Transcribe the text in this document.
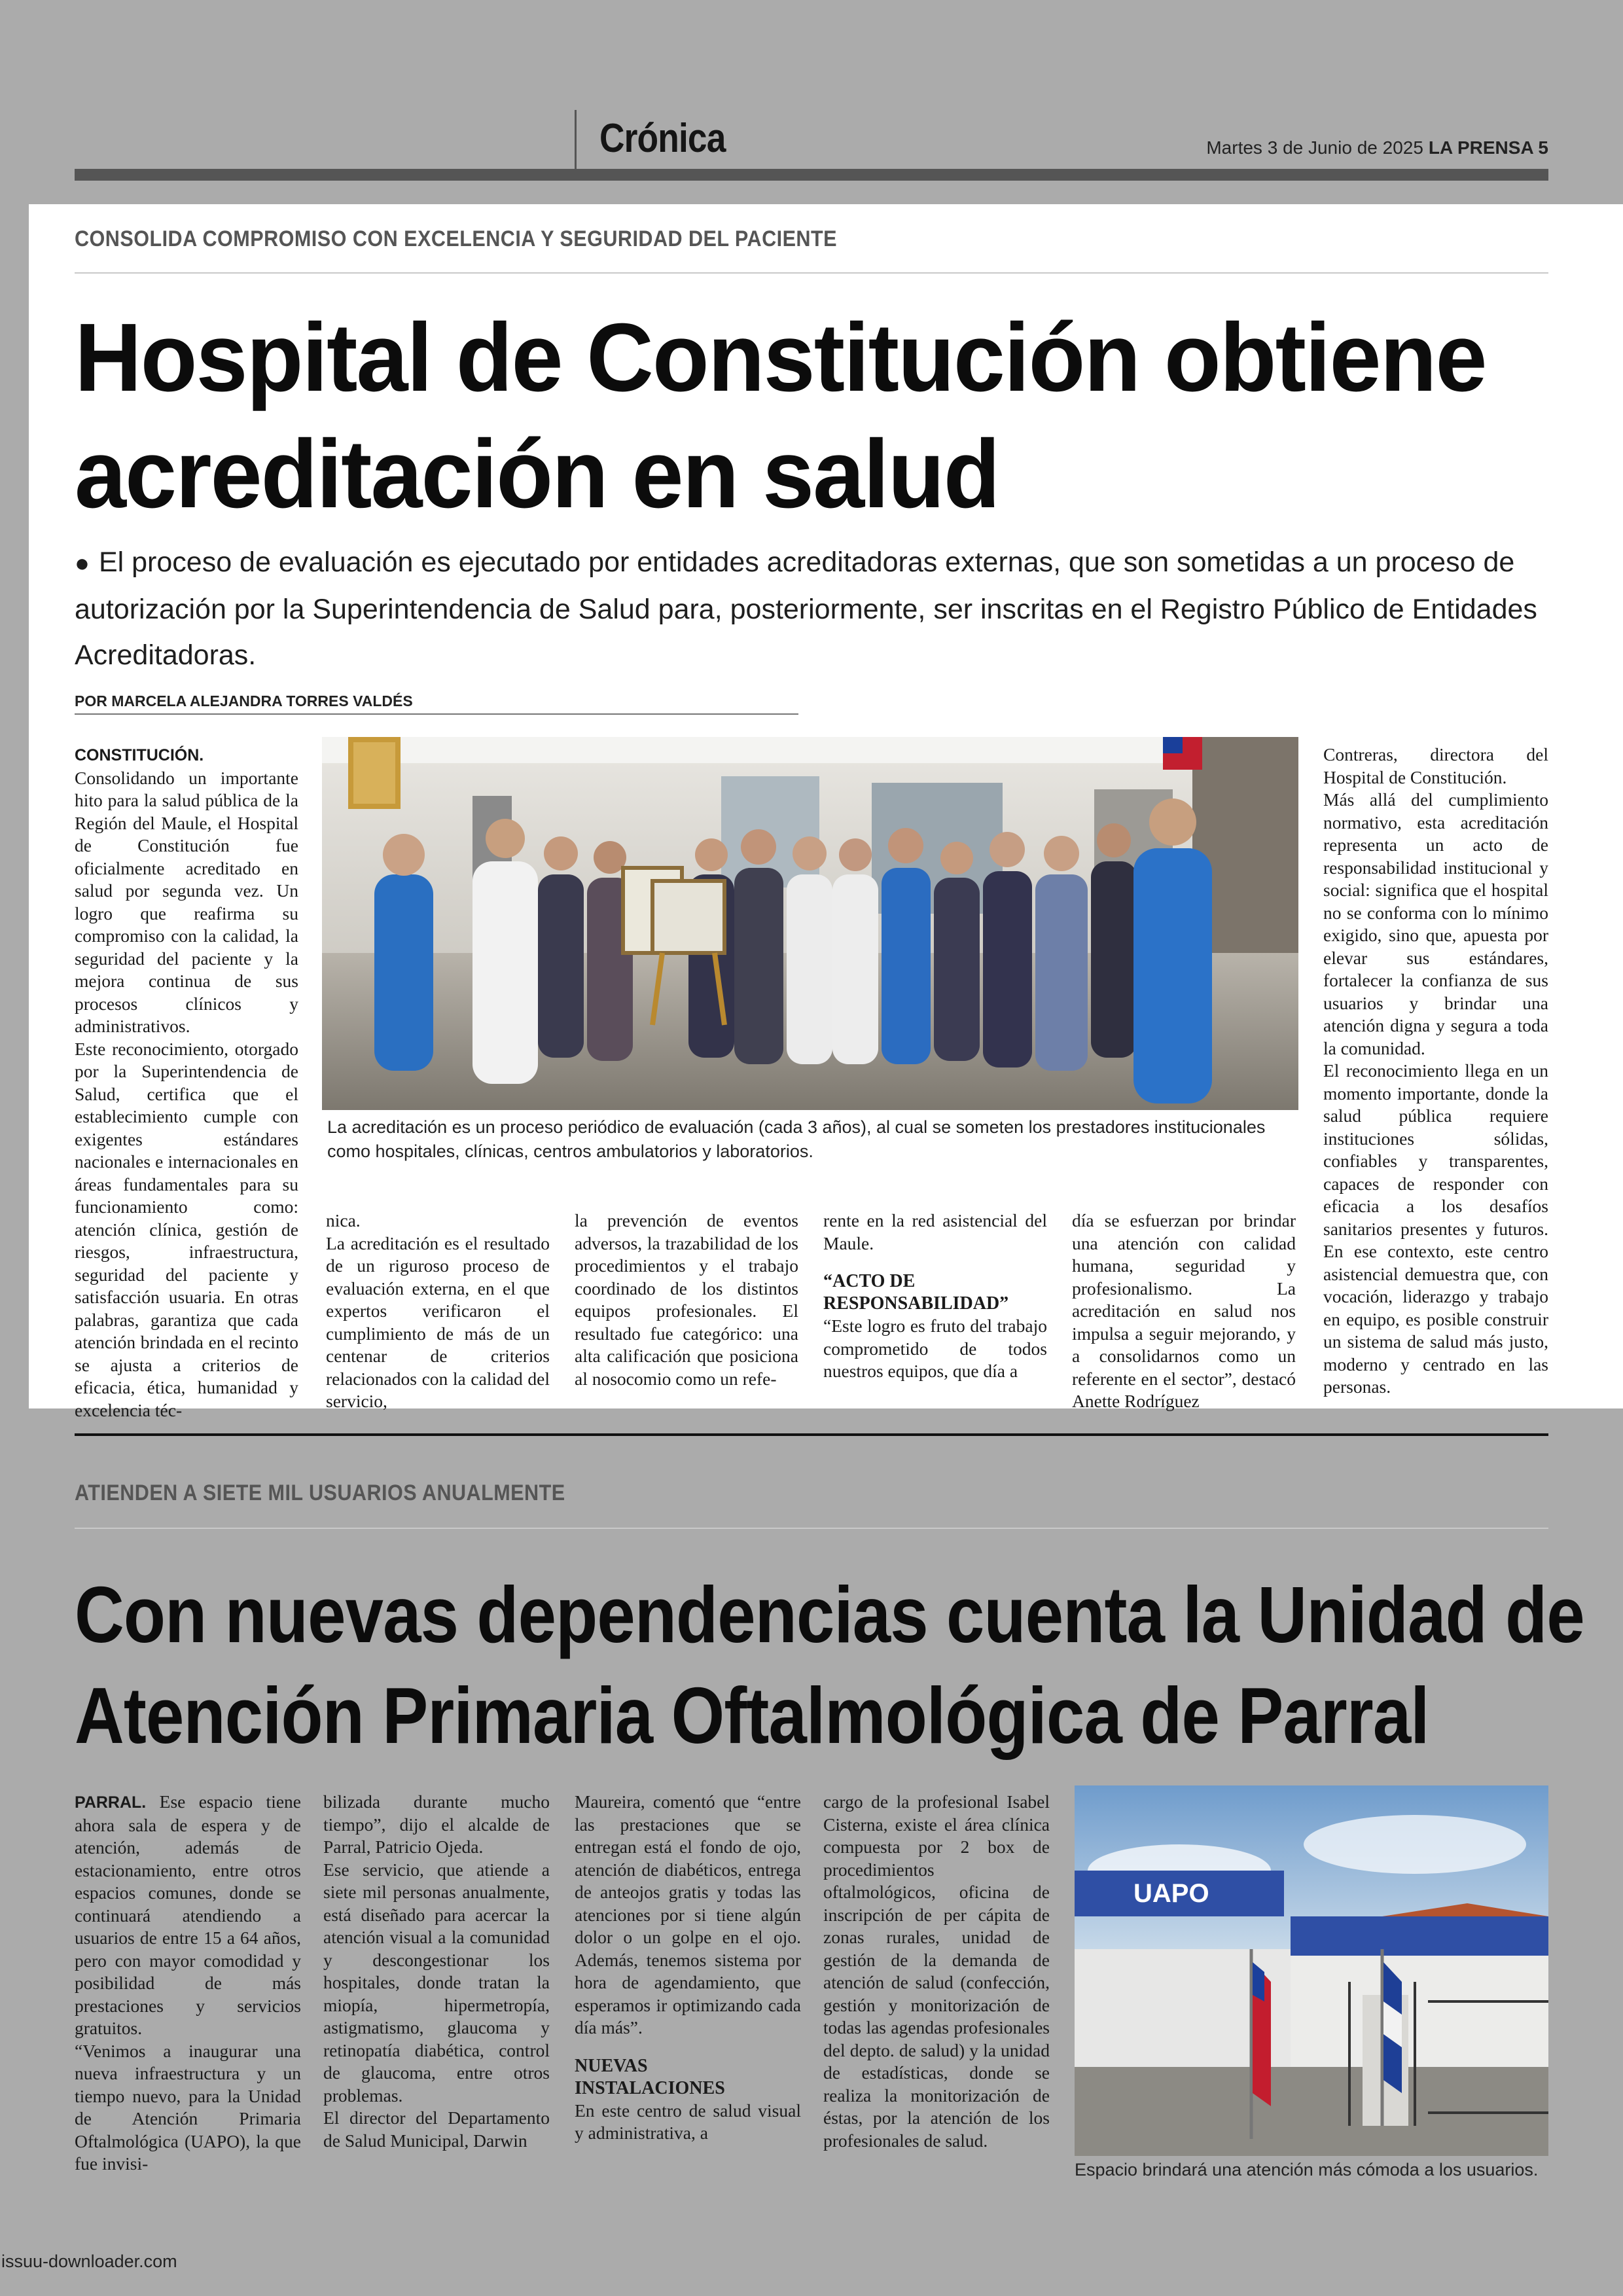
Crónica	Martes 3 de Junio de 2025 LA PRENSA 5
CONSOLIDA COMPROMISO CON EXCELENCIA Y SEGURIDAD DEL PACIENTE
Hospital de Constitución obtiene
acreditación en salud
● El proceso de evaluación es ejecutado por entidades acreditadoras externas, que son sometidas a un proceso de autorización por la Superintendencia de Salud para, posteriormente, ser inscritas en el Registro Público de Entidades Acreditadoras.
POR MARCELA ALEJANDRA TORRES VALDÉS

CONSTITUCIÓN. Consolidando un importante hito para la salud pública de la Región del Maule, el Hospital de Constitución fue oficialmente acreditado en salud por segunda vez. Un logro que reafirma su compromiso con la calidad, la seguridad del paciente y la mejora continua de sus procesos clínicos y administrativos.

Este reconocimiento, otorgado por la Superintendencia de Salud, certifica que el establecimiento cumple con exigentes estándares nacionales e internacionales en áreas fundamentales para su funcionamiento como: atención clínica, gestión de riesgos, infraestructura, seguridad del paciente y satisfacción usuaria. En otras palabras, garantiza que cada atención brindada en el recinto se ajusta a criterios de eficacia, ética, humanidad y excelencia téc-

La acreditación es un proceso periódico de evaluación (cada 3 años), al cual se someten los prestadores institucionales como hospitales, clínicas, centros ambulatorios y laboratorios.

nica.

La acreditación es el resultado de un riguroso proceso de evaluación externa, en el que expertos verificaron el cumplimiento de más de un centenar de criterios relacionados con la calidad del servicio,

la prevención de eventos adversos, la trazabilidad de los procedimientos y el trabajo coordinado de los distintos equipos profesionales. El resultado fue categórico: una alta calificación que posiciona al nosocomio como un refe-

rente en la red asistencial del Maule.

“ACTO DE RESPONSABILIDAD”

“Este logro es fruto del trabajo comprometido de todos nuestros equipos, que día a

día se esfuerzan por brindar una atención con calidad humana, seguridad y profesionalismo. La acreditación en salud nos impulsa a seguir mejorando, y a consolidarnos como un referente en el sector”, destacó Anette Rodríguez

Contreras, directora del Hospital de Constitución.

Más allá del cumplimiento normativo, esta acreditación representa un acto de responsabilidad institucional y social: significa que el hospital no se conforma con lo mínimo exigido, sino que, apuesta por elevar sus estándares, fortalecer la confianza de sus usuarios y brindar una atención digna y segura a toda la comunidad.

El reconocimiento llega en un momento importante, donde la salud pública requiere instituciones sólidas, confiables y transparentes, capaces de responder con eficacia a los desafíos sanitarios presentes y futuros. En ese contexto, este centro asistencial demuestra que, con vocación, liderazgo y trabajo en equipo, es posible construir un sistema de salud más justo, moderno y centrado en las personas.

ATIENDEN A SIETE MIL USUARIOS ANUALMENTE
Con nuevas dependencias cuenta la Unidad de
Atención Primaria Oftalmológica de Parral

PARRAL. Ese espacio tiene ahora sala de espera y de atención, además de estacionamiento, entre otros espacios comunes, donde se continuará atendiendo a usuarios de entre 15 a 64 años, pero con mayor comodidad y posibilidad de más prestaciones y servicios gratuitos.

“Venimos a inaugurar una nueva infraestructura y un tiempo nuevo, para la Unidad de Atención Primaria Oftalmológica (UAPO), la que fue invisi-

bilizada durante mucho tiempo”, dijo el alcalde de Parral, Patricio Ojeda.

Ese servicio, que atiende a siete mil personas anualmente, está diseñado para acercar la atención visual a la comunidad y descongestionar los hospitales, donde tratan la miopía, hipermetropía, astigmatismo, glaucoma y retinopatía diabética, control de glaucoma, entre otros problemas.

El director del Departamento de Salud Municipal, Darwin

Maureira, comentó que “entre las prestaciones que se entregan está el fondo de ojo, atención de diabéticos, entrega de anteojos gratis y todas las atenciones por si tiene algún dolor o un golpe en el ojo. Además, tenemos sistema por hora de agendamiento, que esperamos ir optimizando cada día más”.

NUEVAS INSTALACIONES

En este centro de salud visual y administrativa, a

cargo de la profesional Isabel Cisterna, existe el área clínica compuesta por 2 box de procedimientos oftalmológicos, oficina de inscripción de per cápita de zonas rurales, unidad de gestión de la demanda de atención de salud (confección, gestión y monitorización de todas las agendas profesionales del depto. de salud) y la unidad de estadísticas, donde se realiza la monitorización de éstas, por la atención de los profesionales de salud.

UAPO
Espacio brindará una atención más cómoda a los usuarios.
issuu-downloader.com
